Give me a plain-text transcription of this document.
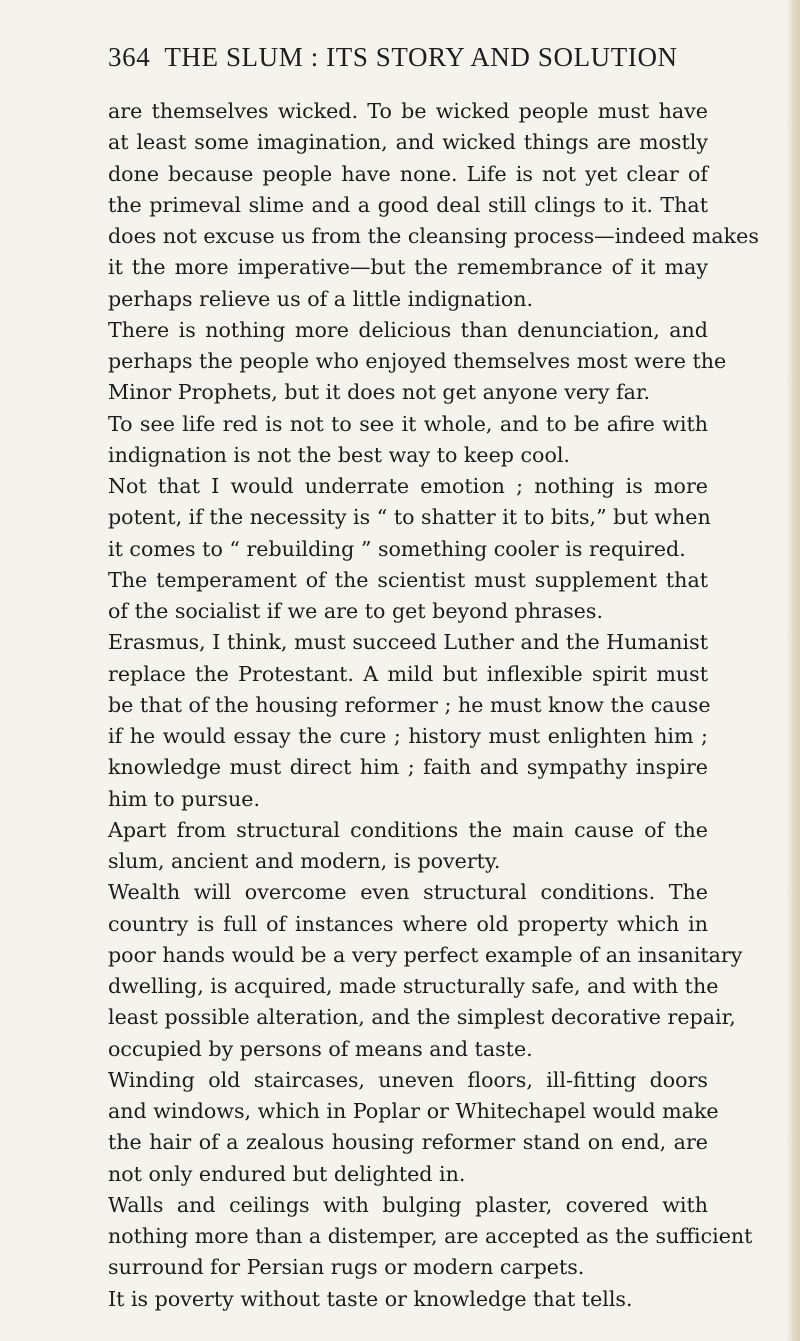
364 THE SLUM : ITS STORY AND SOLUTION
are themselves wicked. To be wicked people must have
at least some imagination, and wicked things are mostly
done because people have none. Life is not yet clear of
the primeval slime and a good deal still clings to it. That
does not excuse us from the cleansing process—indeed makes
it the more imperative—but the remembrance of it may
perhaps relieve us of a little indignation.
There is nothing more delicious than denunciation, and
perhaps the people who enjoyed themselves most were the
Minor Prophets, but it does not get anyone very far.
To see life red is not to see it whole, and to be afire with
indignation is not the best way to keep cool.
Not that I would underrate emotion ; nothing is more
potent, if the necessity is “ to shatter it to bits,” but when
it comes to “ rebuilding ” something cooler is required.
The temperament of the scientist must supplement that
of the socialist if we are to get beyond phrases.
Erasmus, I think, must succeed Luther and the Humanist
replace the Protestant. A mild but inflexible spirit must
be that of the housing reformer ; he must know the cause
if he would essay the cure ; history must enlighten him ;
knowledge must direct him ; faith and sympathy inspire
him to pursue.
Apart from structural conditions the main cause of the
slum, ancient and modern, is poverty.
Wealth will overcome even structural conditions. The
country is full of instances where old property which in
poor hands would be a very perfect example of an insanitary
dwelling, is acquired, made structurally safe, and with the
least possible alteration, and the simplest decorative repair,
occupied by persons of means and taste.
Winding old staircases, uneven floors, ill-fitting doors
and windows, which in Poplar or Whitechapel would make
the hair of a zealous housing reformer stand on end, are
not only endured but delighted in.
Walls and ceilings with bulging plaster, covered with
nothing more than a distemper, are accepted as the sufficient
surround for Persian rugs or modern carpets.
It is poverty without taste or knowledge that tells.
